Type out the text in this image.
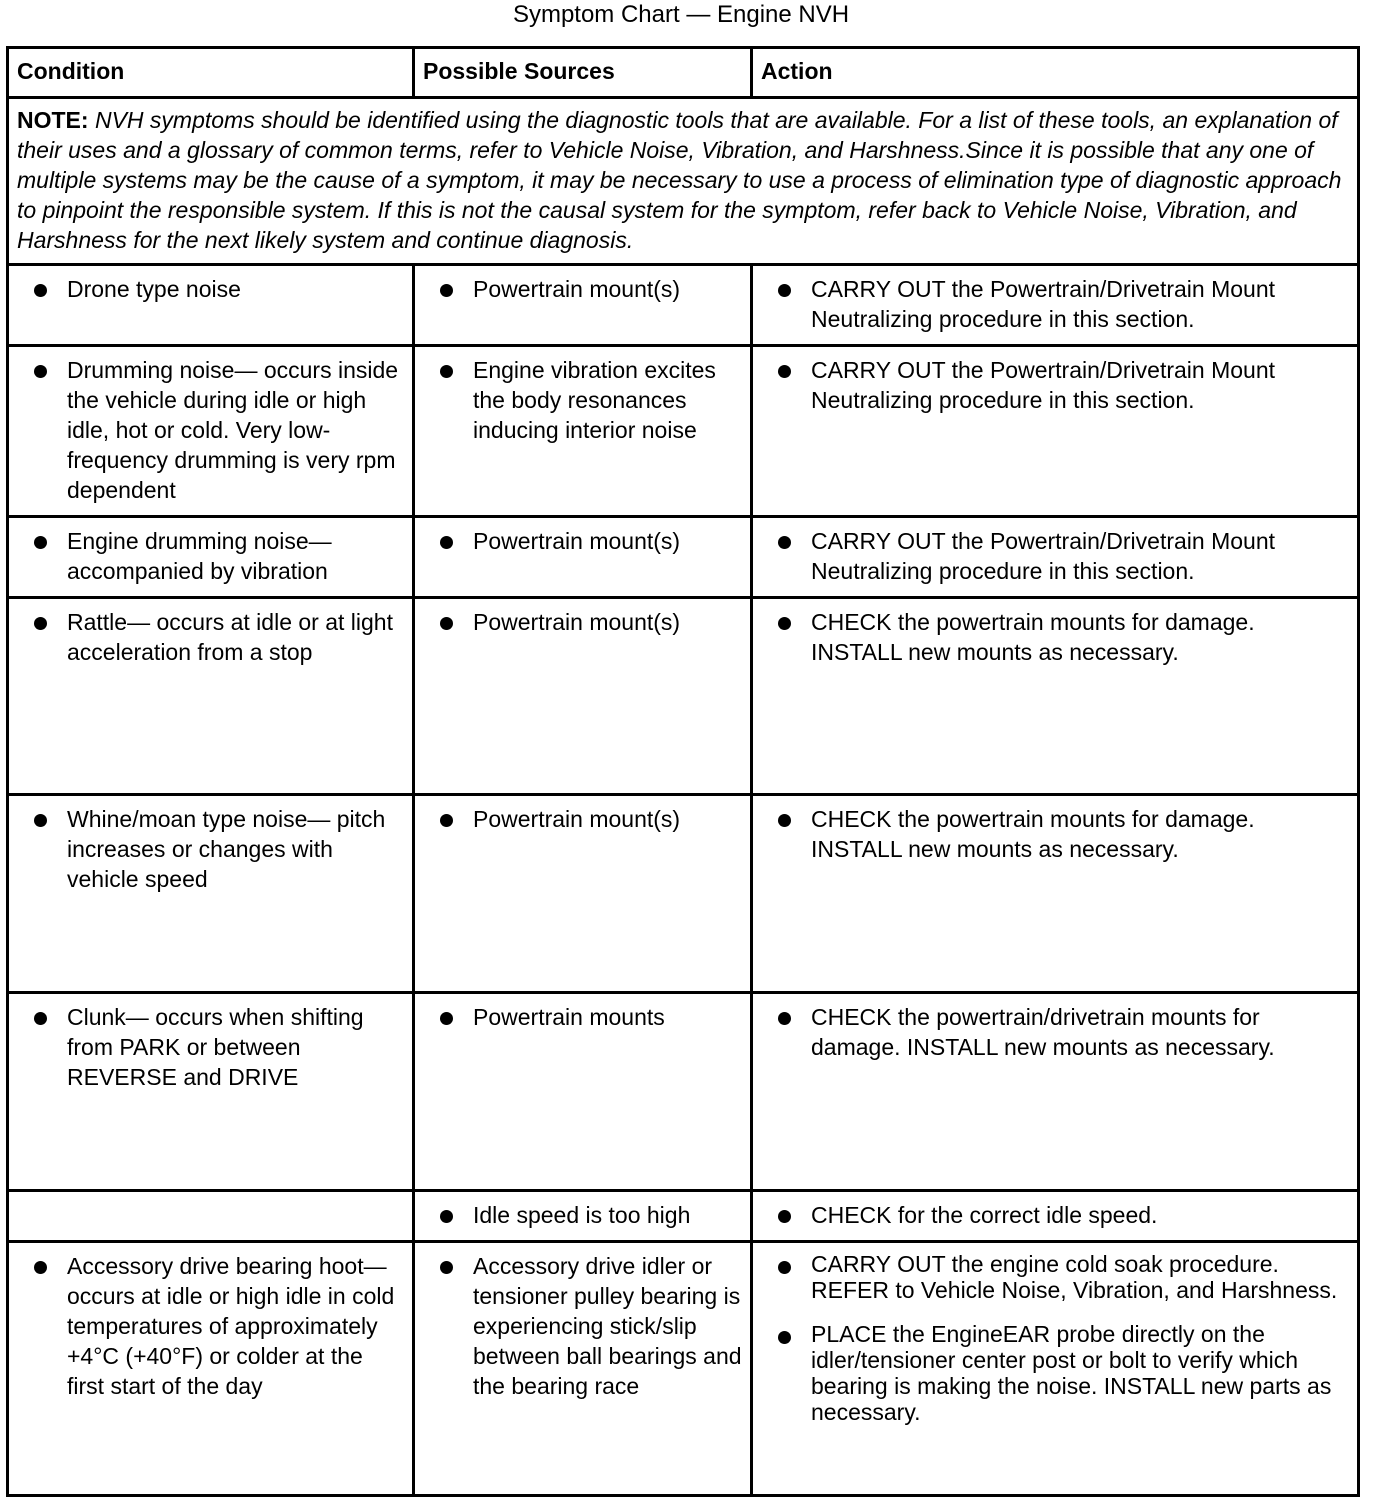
Symptom Chart — Engine NVH
Condition	Possible Sources	Action
NOTE: NVH symptoms should be identified using the diagnostic tools that are available. For a list of these tools, an explanation of their uses and a glossary of common terms, refer to Vehicle Noise, Vibration, and Harshness.Since it is possible that any one of multiple systems may be the cause of a symptom, it may be necessary to use a process of elimination type of diagnostic approach to pinpoint the responsible system. If this is not the causal system for the symptom, refer back to Vehicle Noise, Vibration, and Harshness for the next likely system and continue diagnosis.		

Drone type noise	Powertrain mount(s)	CARRY OUT the Powertrain/Drivetrain Mount Neutralizing procedure in this section.

Drumming noise— occurs inside the vehicle during idle or high idle, hot or cold. Very low-frequency drumming is very rpm dependent	Engine vibration excites the body resonances inducing interior noise	CARRY OUT the Powertrain/Drivetrain Mount Neutralizing procedure in this section.

Engine drumming noise— accompanied by vibration	Powertrain mount(s)	CARRY OUT the Powertrain/Drivetrain Mount Neutralizing procedure in this section.

Rattle— occurs at idle or at light acceleration from a stop	Powertrain mount(s)	CHECK the powertrain mounts for damage. INSTALL new mounts as necessary.

Whine/moan type noise— pitch increases or changes with vehicle speed	Powertrain mount(s)	CHECK the powertrain mounts for damage. INSTALL new mounts as necessary.

Clunk— occurs when shifting from PARK or between REVERSE and DRIVE	Powertrain mounts	CHECK the powertrain/drivetrain mounts for damage. INSTALL new mounts as necessary.

	Idle speed is too high	CHECK for the correct idle speed.

Accessory drive bearing hoot— occurs at idle or high idle in cold temperatures of approximately +4°C (+40°F) or colder at the first start of the day	Accessory drive idler or tensioner pulley bearing is experiencing stick/slip between ball bearings and the bearing race	CARRY OUT the engine cold soak procedure. REFER to Vehicle Noise, Vibration, and Harshness.
PLACE the EngineEAR probe directly on the idler/tensioner center post or bolt to verify which bearing is making the noise. INSTALL new parts as necessary.
